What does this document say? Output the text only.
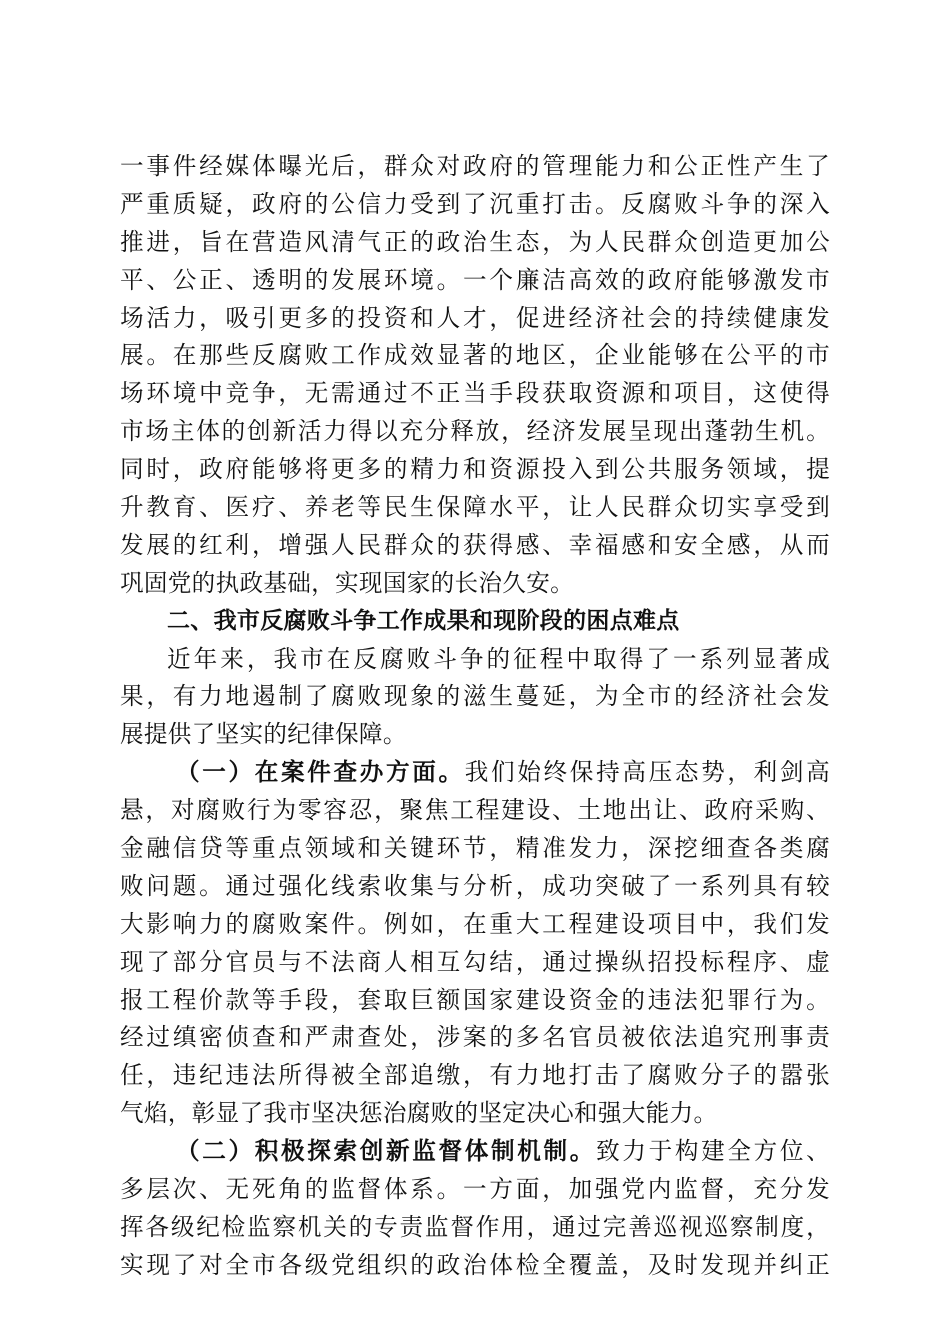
一事件经媒体曝光后，群众对政府的管理能力和公正性产生了
严重质疑，政府的公信力受到了沉重打击。反腐败斗争的深入
推进，旨在营造风清气正的政治生态，为人民群众创造更加公
平、公正、透明的发展环境。一个廉洁高效的政府能够激发市
场活力，吸引更多的投资和人才，促进经济社会的持续健康发
展。在那些反腐败工作成效显著的地区，企业能够在公平的市
场环境中竞争，无需通过不正当手段获取资源和项目，这使得
市场主体的创新活力得以充分释放，经济发展呈现出蓬勃生机。
同时，政府能够将更多的精力和资源投入到公共服务领域，提
升教育、医疗、养老等民生保障水平，让人民群众切实享受到
发展的红利，增强人民群众的获得感、幸福感和安全感，从而
巩固党的执政基础，实现国家的长治久安。
二、我市反腐败斗争工作成果和现阶段的困点难点
近年来，我市在反腐败斗争的征程中取得了一系列显著成
果，有力地遏制了腐败现象的滋生蔓延，为全市的经济社会发
展提供了坚实的纪律保障。
（一）在案件查办方面。我们始终保持高压态势，利剑高
悬，对腐败行为零容忍，聚焦工程建设、土地出让、政府采购、
金融信贷等重点领域和关键环节，精准发力，深挖细查各类腐
败问题。通过强化线索收集与分析，成功突破了一系列具有较
大影响力的腐败案件。例如，在重大工程建设项目中，我们发
现了部分官员与不法商人相互勾结，通过操纵招投标程序、虚
报工程价款等手段，套取巨额国家建设资金的违法犯罪行为。
经过缜密侦查和严肃查处，涉案的多名官员被依法追究刑事责
任，违纪违法所得被全部追缴，有力地打击了腐败分子的嚣张
气焰，彰显了我市坚决惩治腐败的坚定决心和强大能力。
（二）积极探索创新监督体制机制。致力于构建全方位、
多层次、无死角的监督体系。一方面，加强党内监督，充分发
挥各级纪检监察机关的专责监督作用，通过完善巡视巡察制度，
实现了对全市各级党组织的政治体检全覆盖，及时发现并纠正
